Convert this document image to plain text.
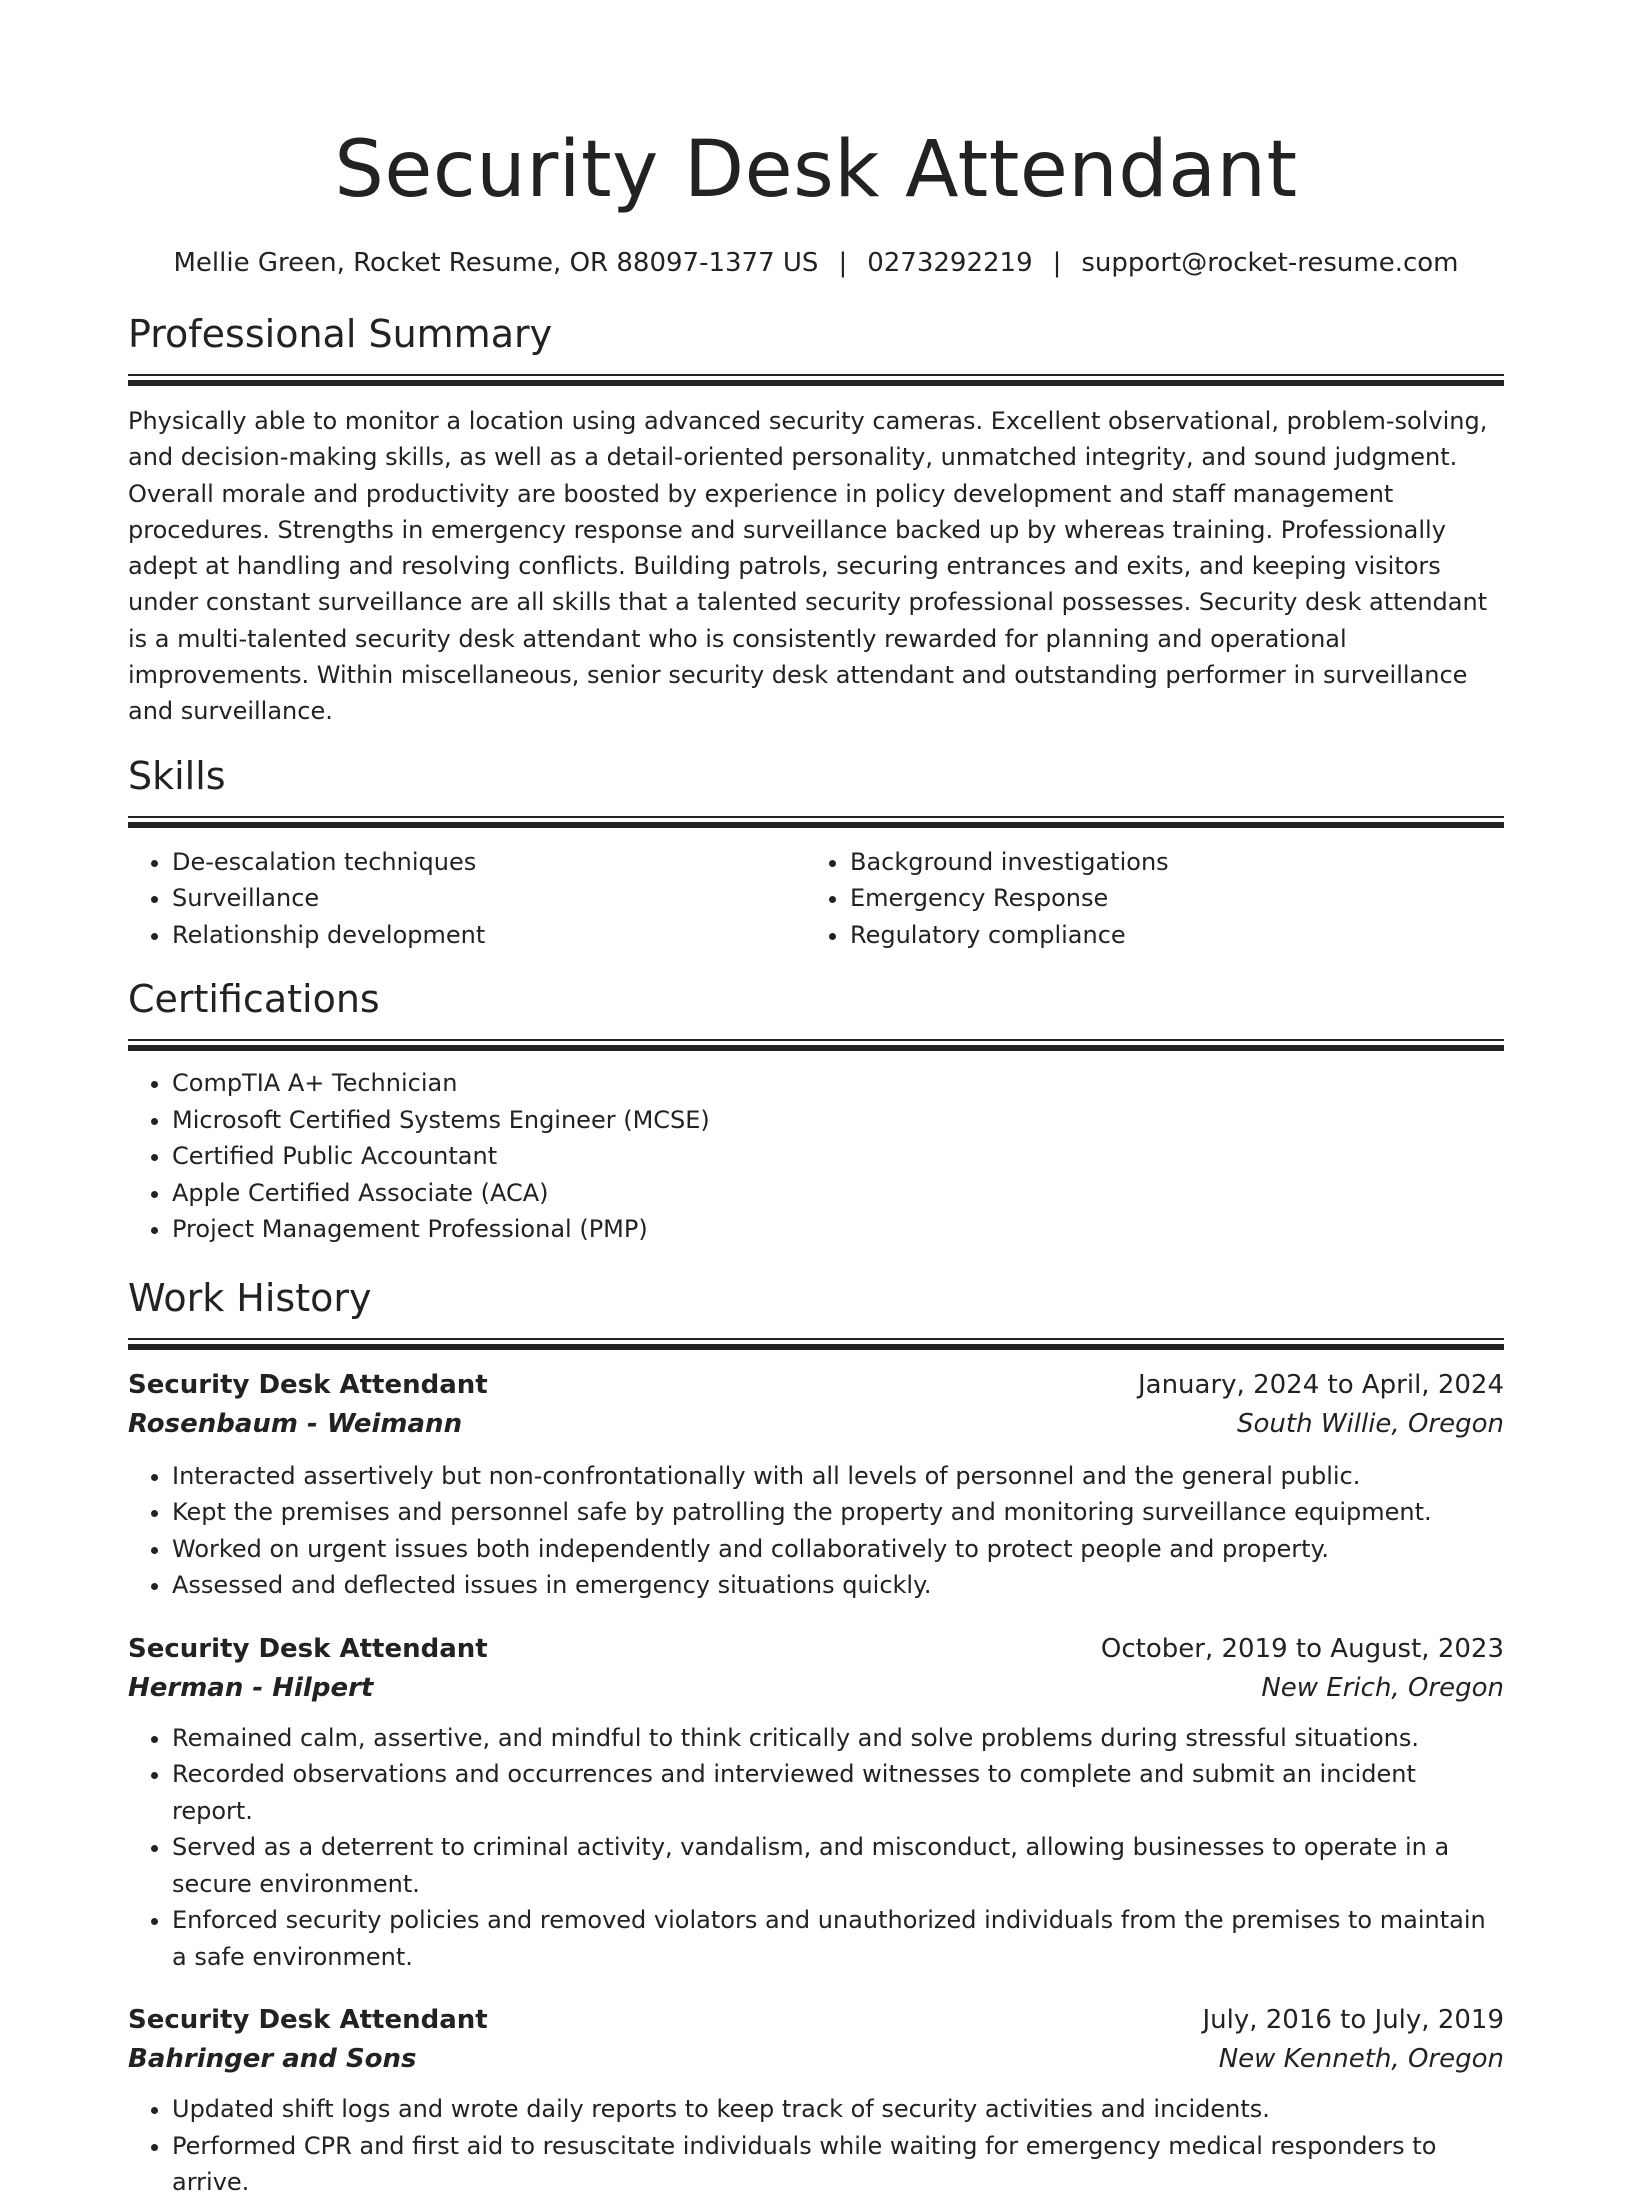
Security Desk Attendant
Mellie Green, Rocket Resume, OR 88097-1377 US | 0273292219 | support@rocket-resume.com
Professional Summary

Physically able to monitor a location using advanced security cameras. Excellent observational, problem-solving, and decision-making skills, as well as a detail-oriented personality, unmatched integrity, and sound judgment. Overall morale and productivity are boosted by experience in policy development and staff management procedures. Strengths in emergency response and surveillance backed up by whereas training. Professionally adept at handling and resolving conflicts. Building patrols, securing entrances and exits, and keeping visitors under constant surveillance are all skills that a talented security professional possesses. Security desk attendant is a multi-talented security desk attendant who is consistently rewarded for planning and operational improvements. Within miscellaneous, senior security desk attendant and outstanding performer in surveillance and surveillance.

Skills
• De-escalation techniques
• Surveillance
• Relationship development
• Background investigations
• Emergency Response
• Regulatory compliance
Certifications
• CompTIA A+ Technician
• Microsoft Certified Systems Engineer (MCSE)
• Certified Public Accountant
• Apple Certified Associate (ACA)
• Project Management Professional (PMP)
Work History
Security Desk Attendant	January, 2024 to April, 2024
Rosenbaum - Weimann	South Willie, Oregon
• Interacted assertively but non-confrontationally with all levels of personnel and the general public.
• Kept the premises and personnel safe by patrolling the property and monitoring surveillance equipment.
• Worked on urgent issues both independently and collaboratively to protect people and property.
• Assessed and deflected issues in emergency situations quickly.
Security Desk Attendant	October, 2019 to August, 2023
Herman - Hilpert	New Erich, Oregon
• Remained calm, assertive, and mindful to think critically and solve problems during stressful situations.
• Recorded observations and occurrences and interviewed witnesses to complete and submit an incident report.
• Served as a deterrent to criminal activity, vandalism, and misconduct, allowing businesses to operate in a secure environment.
• Enforced security policies and removed violators and unauthorized individuals from the premises to maintain a safe environment.
Security Desk Attendant	July, 2016 to July, 2019
Bahringer and Sons	New Kenneth, Oregon
• Updated shift logs and wrote daily reports to keep track of security activities and incidents.
• Performed CPR and first aid to resuscitate individuals while waiting for emergency medical responders to arrive.
